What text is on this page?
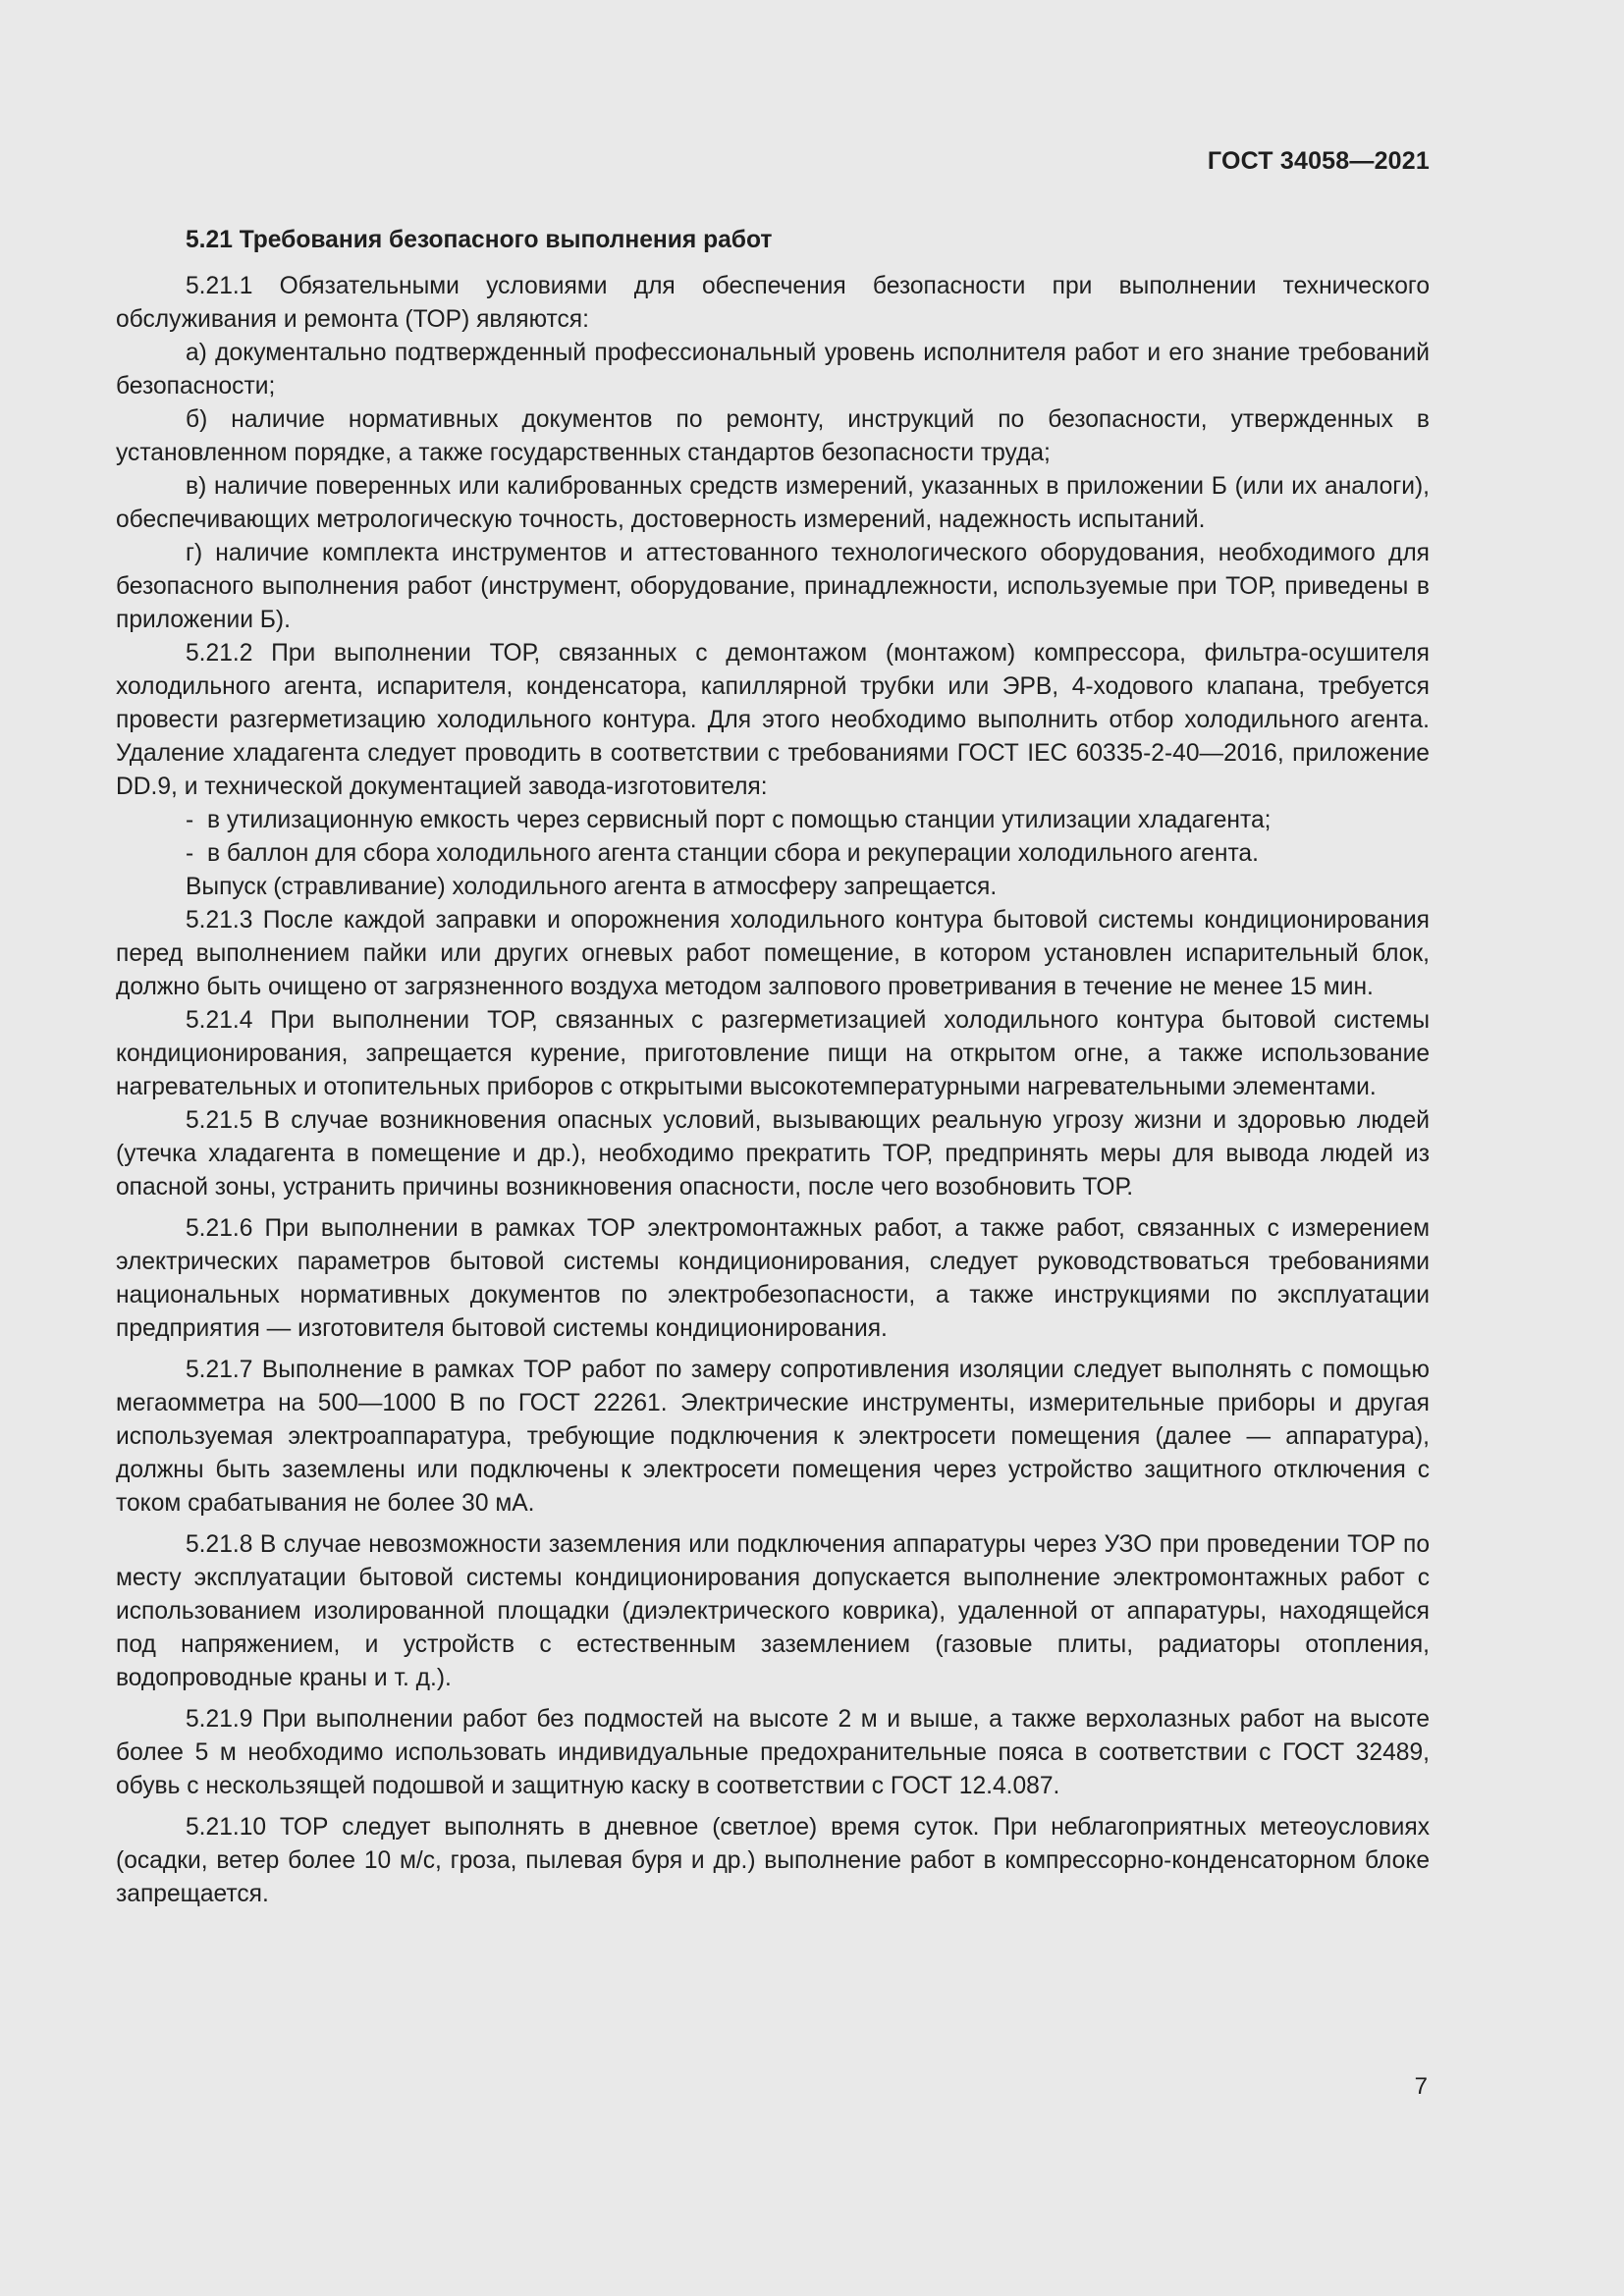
ГОСТ 34058—2021

5.21 Требования безопасного выполнения работ

5.21.1 Обязательными условиями для обеспечения безопасности при выполнении технического обслуживания и ремонта (ТОР) являются:

а) документально подтвержденный профессиональный уровень исполнителя работ и его знание требований безопасности;

б) наличие нормативных документов по ремонту, инструкций по безопасности, утвержденных в установленном порядке, а также государственных стандартов безопасности труда;

в) наличие поверенных или калиброванных средств измерений, указанных в приложении Б (или их аналоги), обеспечивающих метрологическую точность, достоверность измерений, надежность испытаний.

г) наличие комплекта инструментов и аттестованного технологического оборудования, необходимого для безопасного выполнения работ (инструмент, оборудование, принадлежности, используемые при ТОР, приведены в приложении Б).

5.21.2 При выполнении ТОР, связанных с демонтажом (монтажом) компрессора, фильтра-осушителя холодильного агента, испарителя, конденсатора, капиллярной трубки или ЭРВ, 4-ходового клапана, требуется провести разгерметизацию холодильного контура. Для этого необходимо выполнить отбор холодильного агента. Удаление хладагента следует проводить в соответствии с требованиями ГОСТ IEC 60335-2-40—2016, приложение DD.9, и технической документацией завода-изготовителя:

- в утилизационную емкость через сервисный порт с помощью станции утилизации хладагента;

- в баллон для сбора холодильного агента станции сбора и рекуперации холодильного агента.

Выпуск (стравливание) холодильного агента в атмосферу запрещается.

5.21.3 После каждой заправки и опорожнения холодильного контура бытовой системы кондиционирования перед выполнением пайки или других огневых работ помещение, в котором установлен испарительный блок, должно быть очищено от загрязненного воздуха методом залпового проветривания в течение не менее 15 мин.

5.21.4 При выполнении ТОР, связанных с разгерметизацией холодильного контура бытовой системы кондиционирования, запрещается курение, приготовление пищи на открытом огне, а также использование нагревательных и отопительных приборов с открытыми высокотемпературными нагревательными элементами.

5.21.5 В случае возникновения опасных условий, вызывающих реальную угрозу жизни и здоровью людей (утечка хладагента в помещение и др.), необходимо прекратить ТОР, предпринять меры для вывода людей из опасной зоны, устранить причины возникновения опасности, после чего возобновить ТОР.

5.21.6 При выполнении в рамках ТОР электромонтажных работ, а также работ, связанных с измерением электрических параметров бытовой системы кондиционирования, следует руководствоваться требованиями национальных нормативных документов по электробезопасности, а также инструкциями по эксплуатации предприятия — изготовителя бытовой системы кондиционирования.

5.21.7 Выполнение в рамках ТОР работ по замеру сопротивления изоляции следует выполнять с помощью мегаомметра на 500—1000 В по ГОСТ 22261. Электрические инструменты, измерительные приборы и другая используемая электроаппаратура, требующие подключения к электросети помещения (далее — аппаратура), должны быть заземлены или подключены к электросети помещения через устройство защитного отключения с током срабатывания не более 30 мА.

5.21.8 В случае невозможности заземления или подключения аппаратуры через УЗО при проведении ТОР по месту эксплуатации бытовой системы кондиционирования допускается выполнение электромонтажных работ с использованием изолированной площадки (диэлектрического коврика), удаленной от аппаратуры, находящейся под напряжением, и устройств с естественным заземлением (газовые плиты, радиаторы отопления, водопроводные краны и т. д.).

5.21.9 При выполнении работ без подмостей на высоте 2 м и выше, а также верхолазных работ на высоте более 5 м необходимо использовать индивидуальные предохранительные пояса в соответствии с ГОСТ 32489, обувь с нескользящей подошвой и защитную каску в соответствии с ГОСТ 12.4.087.

5.21.10 ТОР следует выполнять в дневное (светлое) время суток. При неблагоприятных метеоусловиях (осадки, ветер более 10 м/с, гроза, пылевая буря и др.) выполнение работ в компрессорно-конденсаторном блоке запрещается.

7
